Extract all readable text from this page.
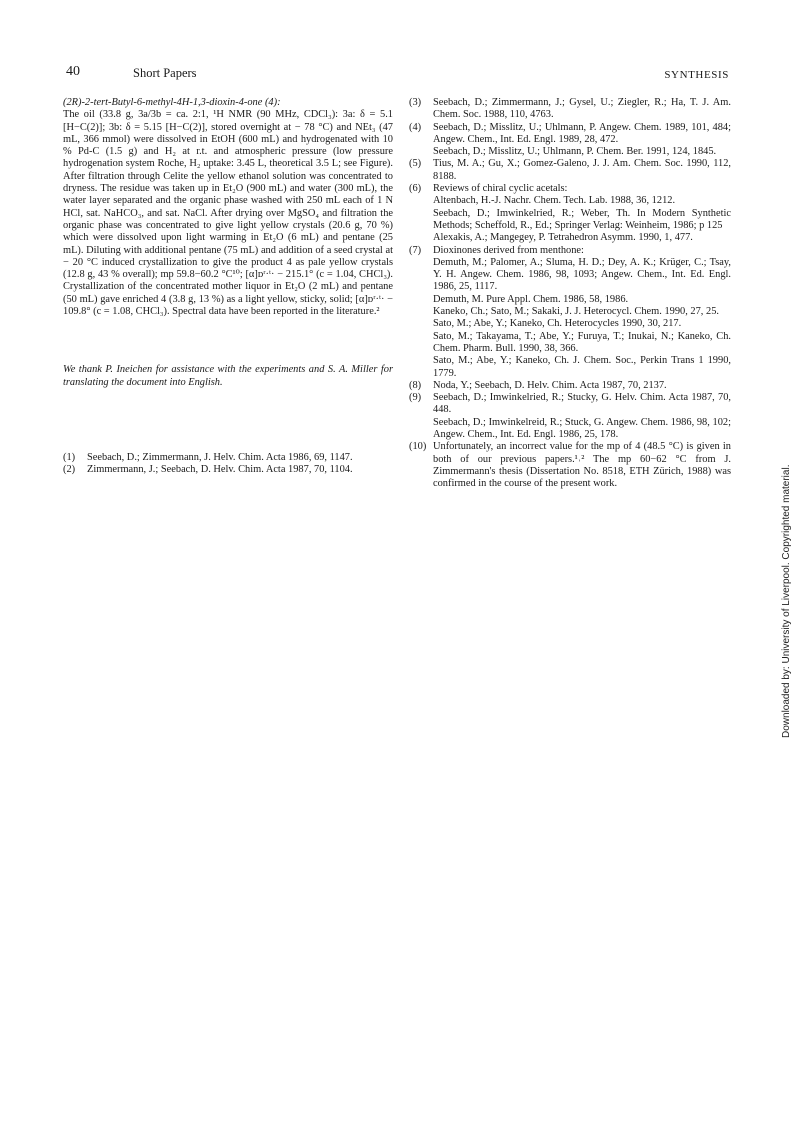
40	Short Papers	SYNTHESIS

(2R)-2-tert-Butyl-6-methyl-4H-1,3-dioxin-4-one (4):

The oil (33.8 g, 3a/3b = ca. 2:1, ¹H NMR (90 MHz, CDCl₃): 3a: δ = 5.1 [H−C(2)]; 3b: δ = 5.15 [H−C(2)], stored overnight at − 78 °C) and NEt₃ (47 mL, 366 mmol) were dissolved in EtOH (600 mL) and hydrogenated with 10 % Pd-C (1.5 g) and H₂ at r.t. and atmospheric pressure (low pressure hydrogenation system Roche, H₂ uptake: 3.45 L, theoretical 3.5 L; see Figure). After filtration through Celite the yellow ethanol solution was concentrated to dryness. The residue was taken up in Et₂O (900 mL) and water (300 mL), the water layer separated and the organic phase washed with 250 mL each of 1 N HCl, sat. NaHCO₃, and sat. NaCl. After drying over MgSO₄ and filtration the organic phase was concentrated to give light yellow crystals (20.6 g, 70 %) which were dissolved upon light warming in Et₂O (6 mL) and pentane (25 mL). Diluting with additional pentane (75 mL) and addition of a seed crystal at − 20 °C induced crystallization to give the product 4 as pale yellow crystals (12.8 g, 43 % overall); mp 59.8−60.2 °C¹⁰; [α]ᴅʳ·ᵗ· − 215.1° (c = 1.04, CHCl₃). Crystallization of the concentrated mother liquor in Et₂O (2 mL) and pentane (50 mL) gave enriched 4 (3.8 g, 13 %) as a light yellow, sticky, solid; [α]ᴅʳ·ᵗ· − 109.8° (c = 1.08, CHCl₃). Spectral data have been reported in the literature.²

We thank P. Ineichen for assistance with the experiments and S. A. Miller for translating the document into English.

(1)	Seebach, D.; Zimmermann, J. Helv. Chim. Acta 1986, 69, 1147.
(2)	Zimmermann, J.; Seebach, D. Helv. Chim. Acta 1987, 70, 1104.
(3)	Seebach, D.; Zimmermann, J.; Gysel, U.; Ziegler, R.; Ha, T. J. Am. Chem. Soc. 1988, 110, 4763.
(4)	Seebach, D.; Misslitz, U.; Uhlmann, P. Angew. Chem. 1989, 101, 484; Angew. Chem., Int. Ed. Engl. 1989, 28, 472.
Seebach, D.; Misslitz, U.; Uhlmann, P. Chem. Ber. 1991, 124, 1845.
(5)	Tius, M. A.; Gu, X.; Gomez-Galeno, J. J. Am. Chem. Soc. 1990, 112, 8188.
(6)	Reviews of chiral cyclic acetals:
Altenbach, H.-J. Nachr. Chem. Tech. Lab. 1988, 36, 1212.
Seebach, D.; Imwinkelried, R.; Weber, Th. In Modern Synthetic Methods; Scheffold, R., Ed.; Springer Verlag: Weinheim, 1986; p 125
Alexakis, A.; Mangegey, P. Tetrahedron Asymm. 1990, 1, 477.
(7)	Dioxinones derived from menthone:
Demuth, M.; Palomer, A.; Sluma, H. D.; Dey, A. K.; Krüger, C.; Tsay, Y. H. Angew. Chem. 1986, 98, 1093; Angew. Chem., Int. Ed. Engl. 1986, 25, 1117.
Demuth, M. Pure Appl. Chem. 1986, 58, 1986.
Kaneko, Ch.; Sato, M.; Sakaki, J. J. Heterocycl. Chem. 1990, 27, 25.
Sato, M.; Abe, Y.; Kaneko, Ch. Heterocycles 1990, 30, 217.
Sato, M.; Takayama, T.; Abe, Y.; Furuya, T.; Inukai, N.; Kaneko, Ch. Chem. Pharm. Bull. 1990, 38, 366.
Sato, M.; Abe, Y.; Kaneko, Ch. J. Chem. Soc., Perkin Trans 1 1990, 1779.
(8)	Noda, Y.; Seebach, D. Helv. Chim. Acta 1987, 70, 2137.
(9)	Seebach, D.; Imwinkelried, R.; Stucky, G. Helv. Chim. Acta 1987, 70, 448.
Seebach, D.; Imwinkelreid, R.; Stuck, G. Angew. Chem. 1986, 98, 102; Angew. Chem., Int. Ed. Engl. 1986, 25, 178.
(10) Unfortunately, an incorrect value for the mp of 4 (48.5 °C) is given in both of our previous papers.¹˒² The mp 60−62 °C from J. Zimmermann's thesis (Dissertation No. 8518, ETH Zürich, 1988) was confirmed in the course of the present work.	Downloaded by: University of Liverpool. Copyrighted material.
